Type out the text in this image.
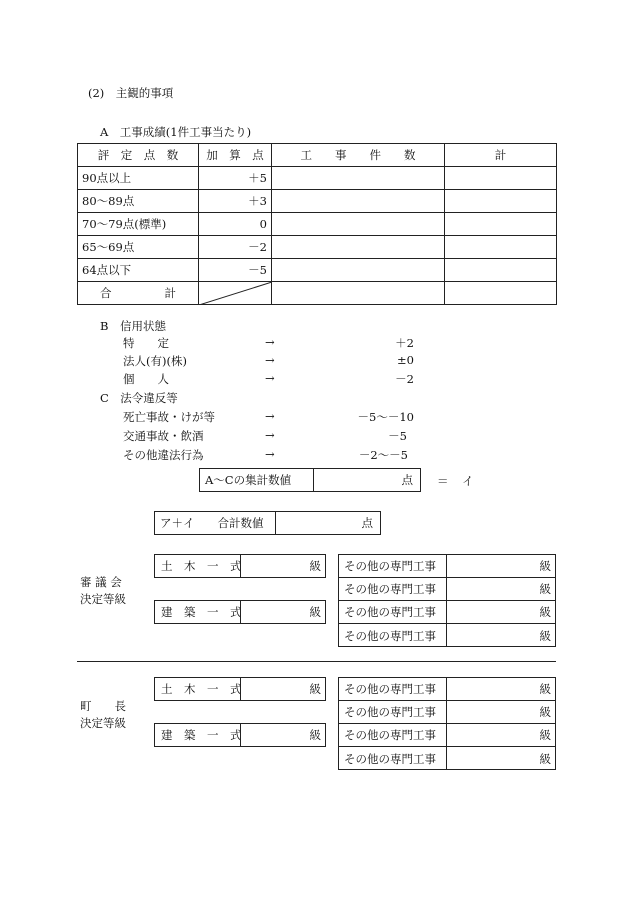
(2)　主観的事項
A　工事成績(1件工事当たり)
評　定　点　数	加　算　点	工　　事　　件　　数	計
90点以上	＋5		
80～89点	＋3		
70～79点(標準)	0		
65～69点	－2		
64点以下	－5		
合 計

B　信用状態
特　　定	→	＋2
法人(有)(株)	→	±0
個　　人	→	－2
C　法令違反等
死亡事故・けが等	→	－5～－10
交通事故・飲酒	→	－5
その他違法行為	→	－2～－5
A～Cの集計数値	点 ＝ イ
ア＋イ　　合計数値	点
審 議 会
決定等級
土　木　一　式	級
建　築　一　式	級
その他の専門工事	級
その他の専門工事	級
その他の専門工事	級
その他の専門工事	級
町　　長
決定等級
土　木　一　式	級
建　築　一　式	級
その他の専門工事	級
その他の専門工事	級
その他の専門工事	級
その他の専門工事	級
